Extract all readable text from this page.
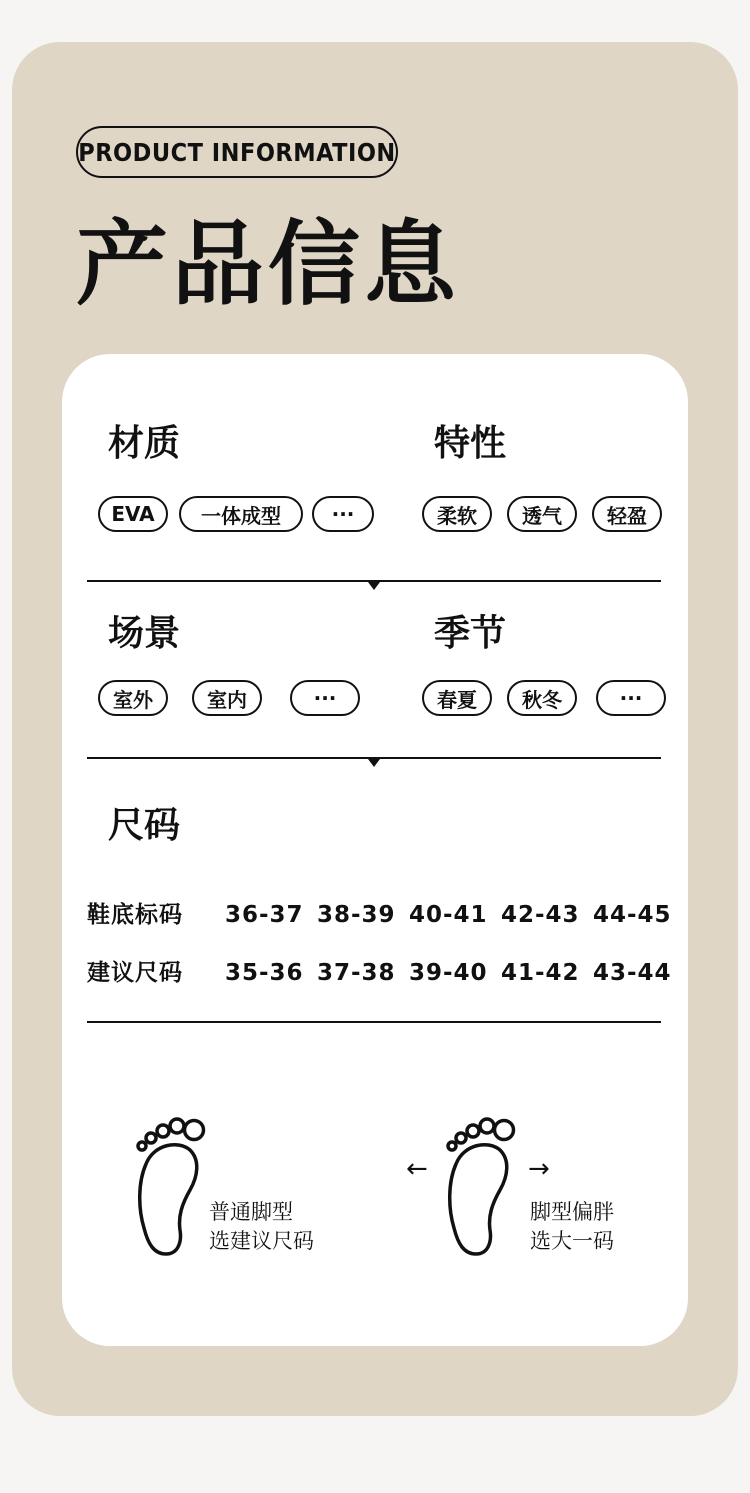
PRODUCT INFORMATION
产品信息
材质
EVA	一体成型	···
特性
柔软	透气	轻盈
场景
室外	室内	···
季节
春夏	秋冬	···
尺码
鞋底标码 36-37 38-39 40-41 42-43 44-45
建议尺码 35-36 37-38 39-40 41-42 43-44
普通脚型
选建议尺码
←	→
脚型偏胖
选大一码
